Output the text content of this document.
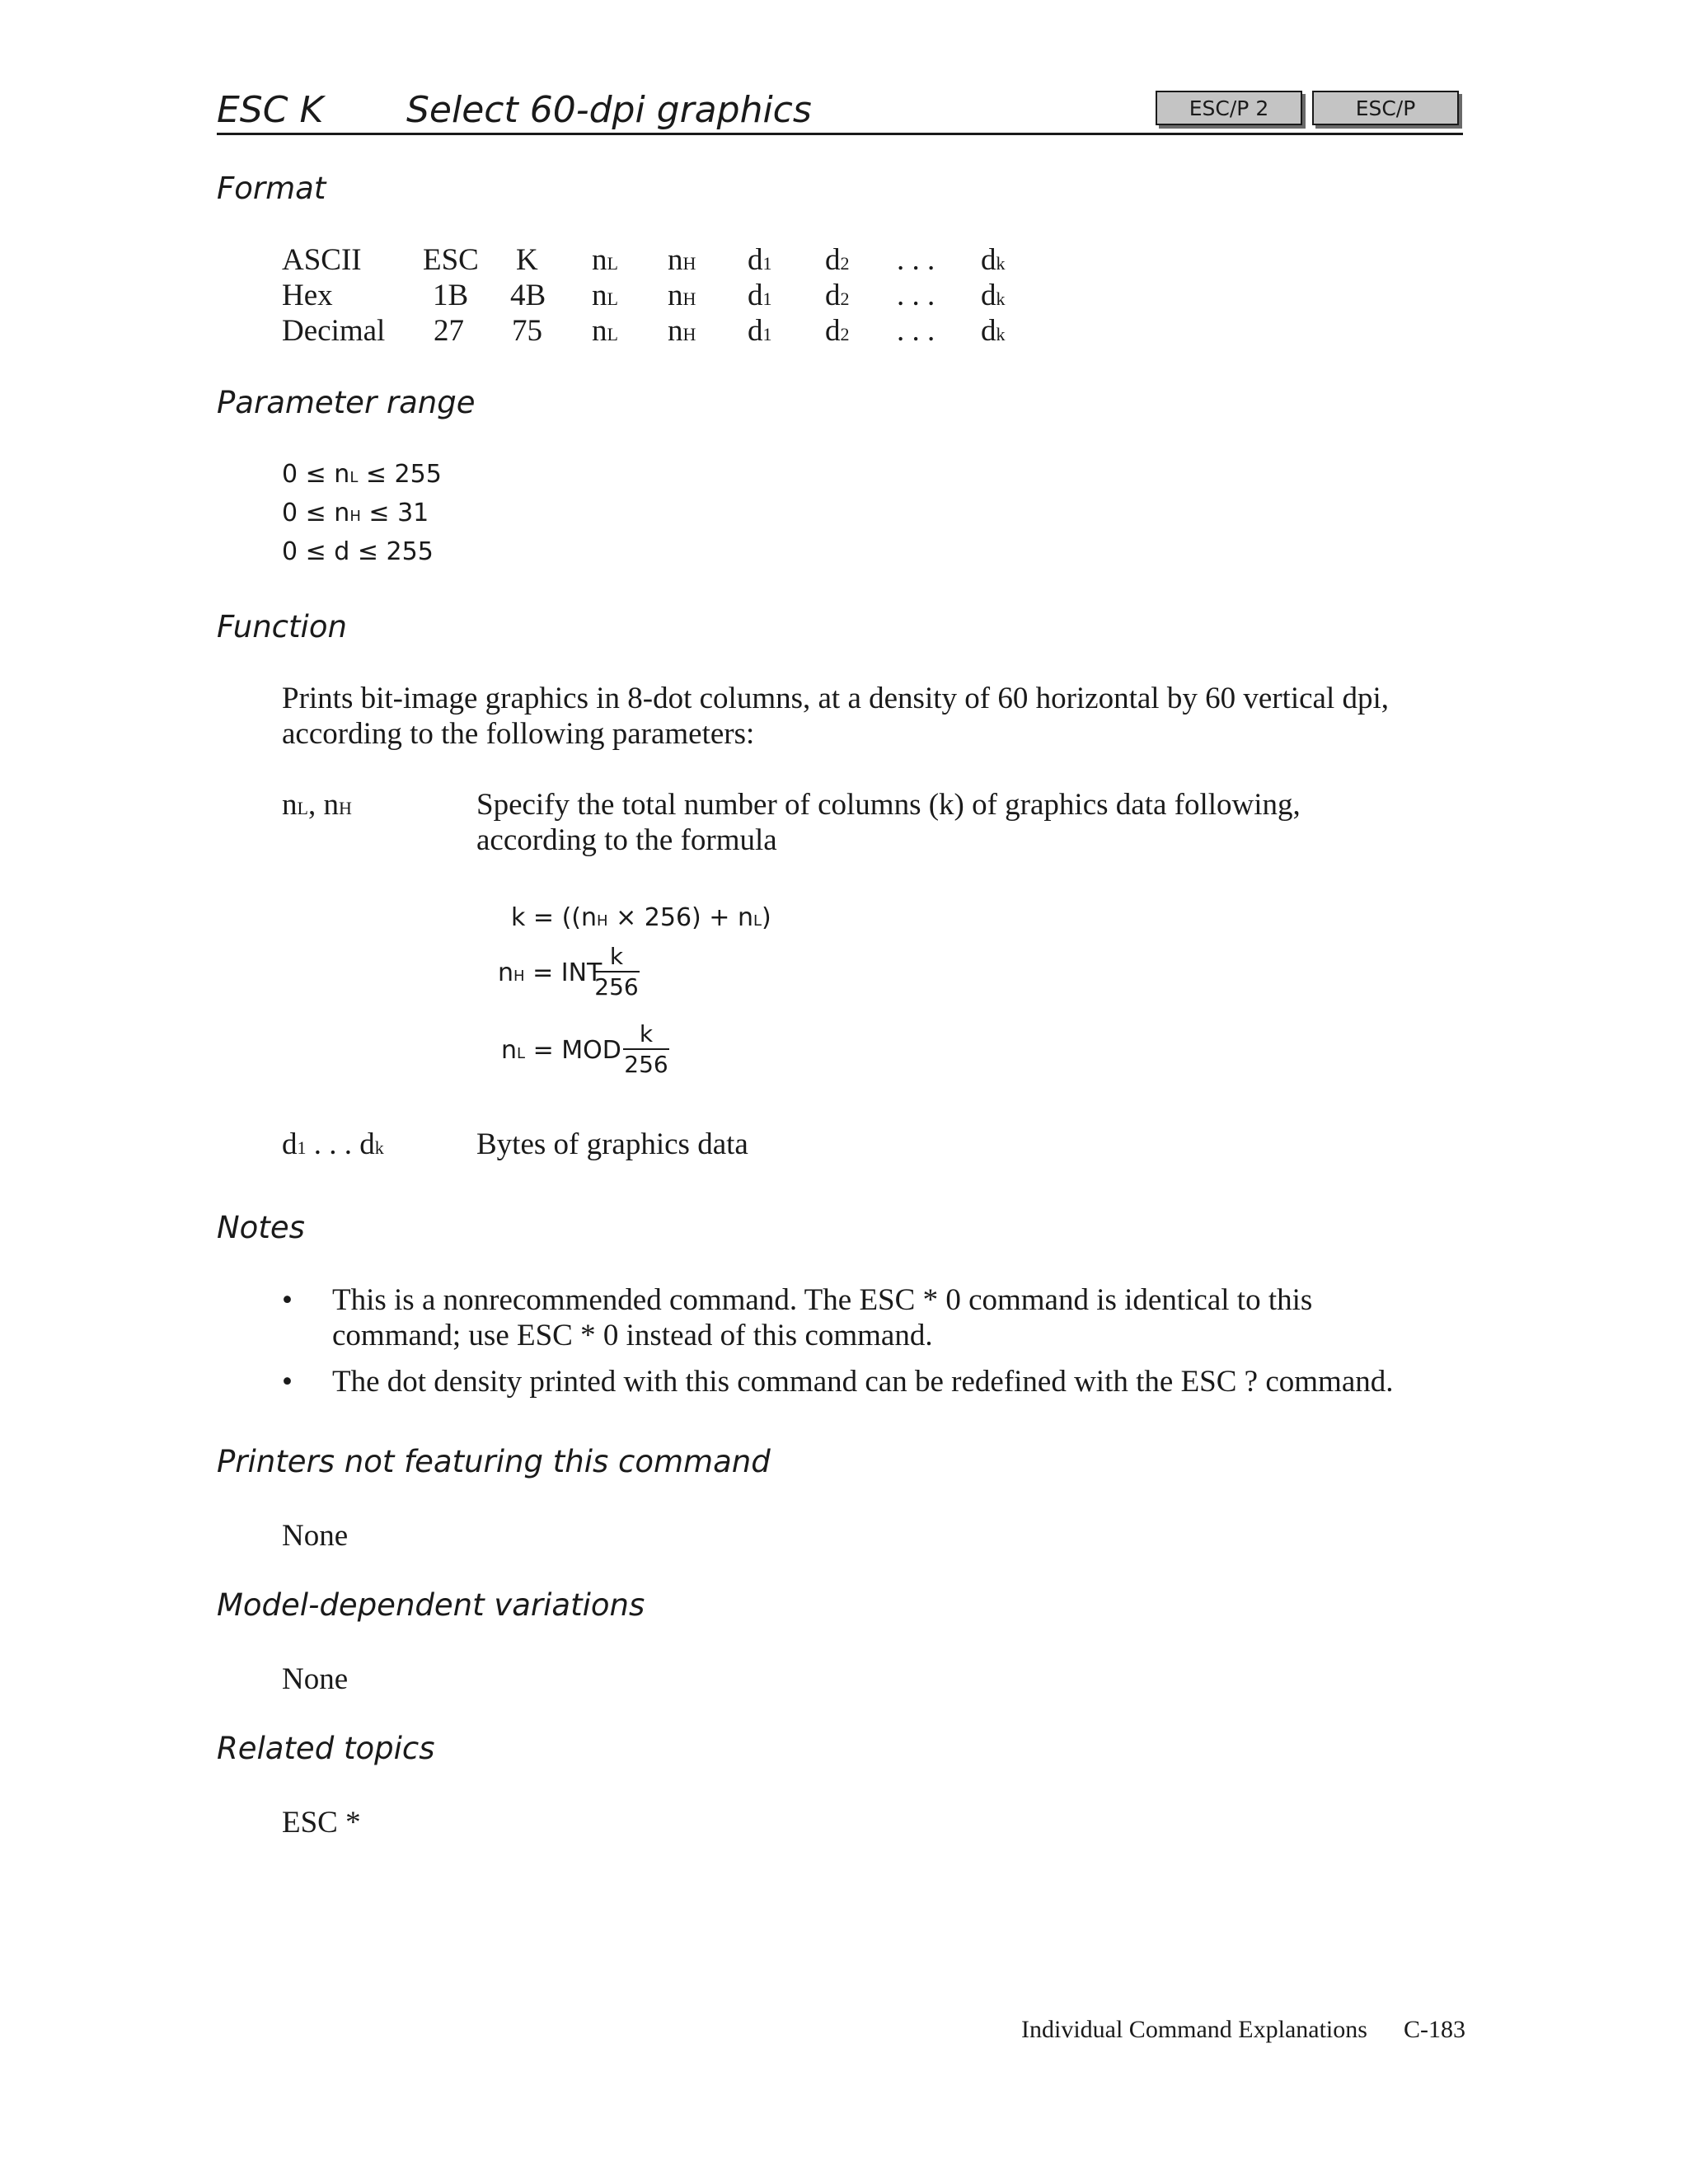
ESC K Select 60-dpi graphics	ESC/P 2	ESC/P
Format
ASCII ESC K nL nH d1 d2 . . . dk
Hex	1B 4B nL nH d1 d2 . . . dk
Decimal 27 75 nL nH d1 d2 . . . dk
Parameter range
0 ≤ nL ≤ 255
0 ≤ nH ≤ 31
0 ≤ d ≤ 255
Function
Prints bit-image graphics in 8-dot columns, at a density of 60 horizontal by 60 vertical dpi,
according to the following parameters:
nL, nH	Specify the total number of columns (k) of graphics data following,
according to the formula
k = ((nH × 256) + nL)
nH = INT
k
256
nL = MOD
k
256
d1 . . . dk	Bytes of graphics data
Notes
• This is a nonrecommended command. The ESC * 0 command is identical to this
command; use ESC * 0 instead of this command.
• The dot density printed with this command can be redefined with the ESC ? command.
Printers not featuring this command
None
Model-dependent variations
None
Related topics
ESC *
Individual Command Explanations C-183
